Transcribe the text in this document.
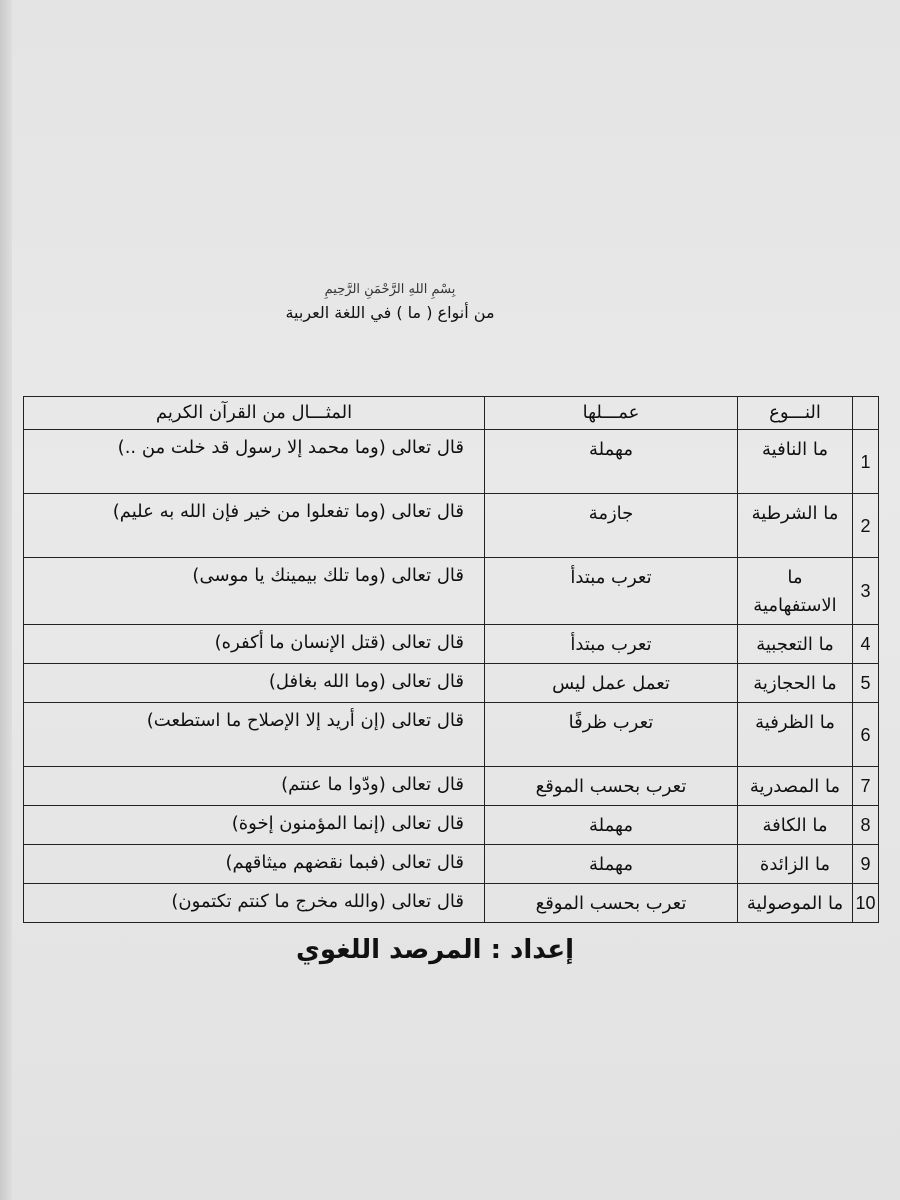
بِسْمِ اللهِ الرَّحْمَنِ الرَّحِيمِ
من أنواع ( ما ) في اللغة العربية
	النـــوع	عمـــلها	المثـــال من القرآن الكريم
1	ما النافية	مهملة	قال تعالى (وما محمد إلا رسول قد خلت من ..)
2	ما الشرطية	جازمة	قال تعالى (وما تفعلوا من خير فإن الله به عليم)
3	ما الاستفهامية	تعرب مبتدأ	قال تعالى (وما تلك بيمينك يا موسى)
4	ما التعجبية	تعرب مبتدأ	قال تعالى (قتل الإنسان ما أكفره)
5	ما الحجازية	تعمل عمل ليس	قال تعالى (وما الله بغافل)
6	ما الظرفية	تعرب ظرفًا	قال تعالى (إن أريد إلا الإصلاح ما استطعت)
7	ما المصدرية	تعرب بحسب الموقع	قال تعالى (ودّوا ما عنتم)
8	ما الكافة	مهملة	قال تعالى (إنما المؤمنون إخوة)
9	ما الزائدة	مهملة	قال تعالى (فبما نقضهم ميثاقهم)
10	ما الموصولية	تعرب بحسب الموقع	قال تعالى (والله مخرج ما كنتم تكتمون)
إعداد : المرصد اللغوي
